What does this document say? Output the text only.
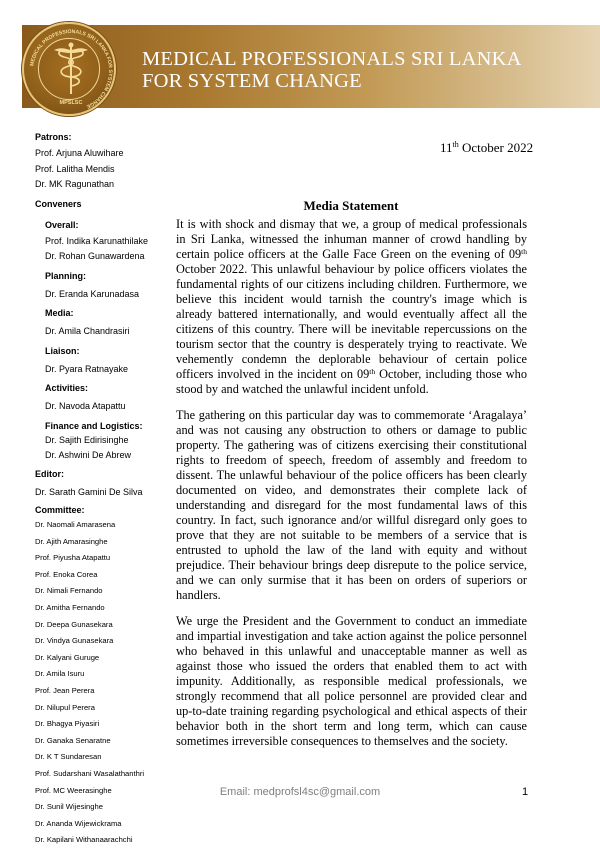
MEDICAL PROFESSIONALS SRI LANKA FOR SYSTEM CHANGE
MPSLSC
MEDICAL PROFESSIONALS SRI LANKA
FOR SYSTEM CHANGE
Patrons:
Prof. Arjuna Aluwihare
Prof. Lalitha Mendis
Dr. MK Ragunathan
Conveners
Overall:
Prof. Indika Karunathilake
Dr. Rohan Gunawardena
Planning:
Dr. Eranda Karunadasa
Media:
Dr. Amila Chandrasiri
Liaison:
Dr. Pyara Ratnayake
Activities:
Dr. Navoda Atapattu
Finance and Logistics:
Dr. Sajith Edirisinghe
Dr. Ashwini De Abrew
Editor:
Dr. Sarath Gamini De Silva
Committee:
Dr. Naomali Amarasena
Dr. Ajith Amarasinghe
Prof. Piyusha Atapattu
Prof. Enoka Corea
Dr. Nimali Fernando
Dr. Amitha Fernando
Dr. Deepa Gunasekara
Dr. Vindya Gunasekara
Dr. Kalyani Guruge
Dr. Amila Isuru
Prof. Jean Perera
Dr. Nilupul Perera
Dr. Bhagya Piyasiri
Dr. Ganaka Senaratne
Dr. K T Sundaresan
Prof. Sudarshani Wasalathanthri
Prof. MC Weerasinghe
Dr. Sunil Wijesinghe
Dr. Ananda Wijewickrama
Dr. Kapilani Withanaarachchi
11th October 2022
Media Statement

It is with shock and dismay that we, a group of medical professionals in Sri Lanka, witnessed the inhuman manner of crowd handling by certain police officers at the Galle Face Green on the evening of 09th October 2022. This unlawful behaviour by police officers violates the fundamental rights of our citizens including children. Furthermore, we believe this incident would tarnish the country's image which is already battered internationally, and would eventually affect all the citizens of this country. There will be inevitable repercussions on the tourism sector that the country is desperately trying to reactivate. We vehemently condemn the deplorable behaviour of certain police officers involved in the incident on 09th October, including those who stood by and watched the unlawful incident unfold.

The gathering on this particular day was to commemorate ‘Aragalaya’ and was not causing any obstruction to others or damage to public property. The gathering was of citizens exercising their constitutional rights to freedom of speech, freedom of assembly and freedom to dissent. The unlawful behaviour of the police officers has been clearly documented on video, and demonstrates their complete lack of understanding and disregard for the most fundamental laws of this country. In fact, such ignorance and/or willful disregard only goes to prove that they are not suitable to be members of a service that is entrusted to uphold the law of the land with equity and without prejudice. Their behaviour brings deep disrepute to the police service, and we can only surmise that it has been on orders of superiors or handlers.

We urge the President and the Government to conduct an immediate and impartial investigation and take action against the police personnel who behaved in this unlawful and unacceptable manner as well as against those who issued the orders that enabled them to act with impunity. Additionally, as responsible medical professionals, we strongly recommend that all police personnel are provided clear and up-to-date training regarding psychological and ethical aspects of their behavior both in the short term and long term, which can cause sometimes irreversible consequences to themselves and the society.

Email: medprofsl4sc@gmail.com	1
